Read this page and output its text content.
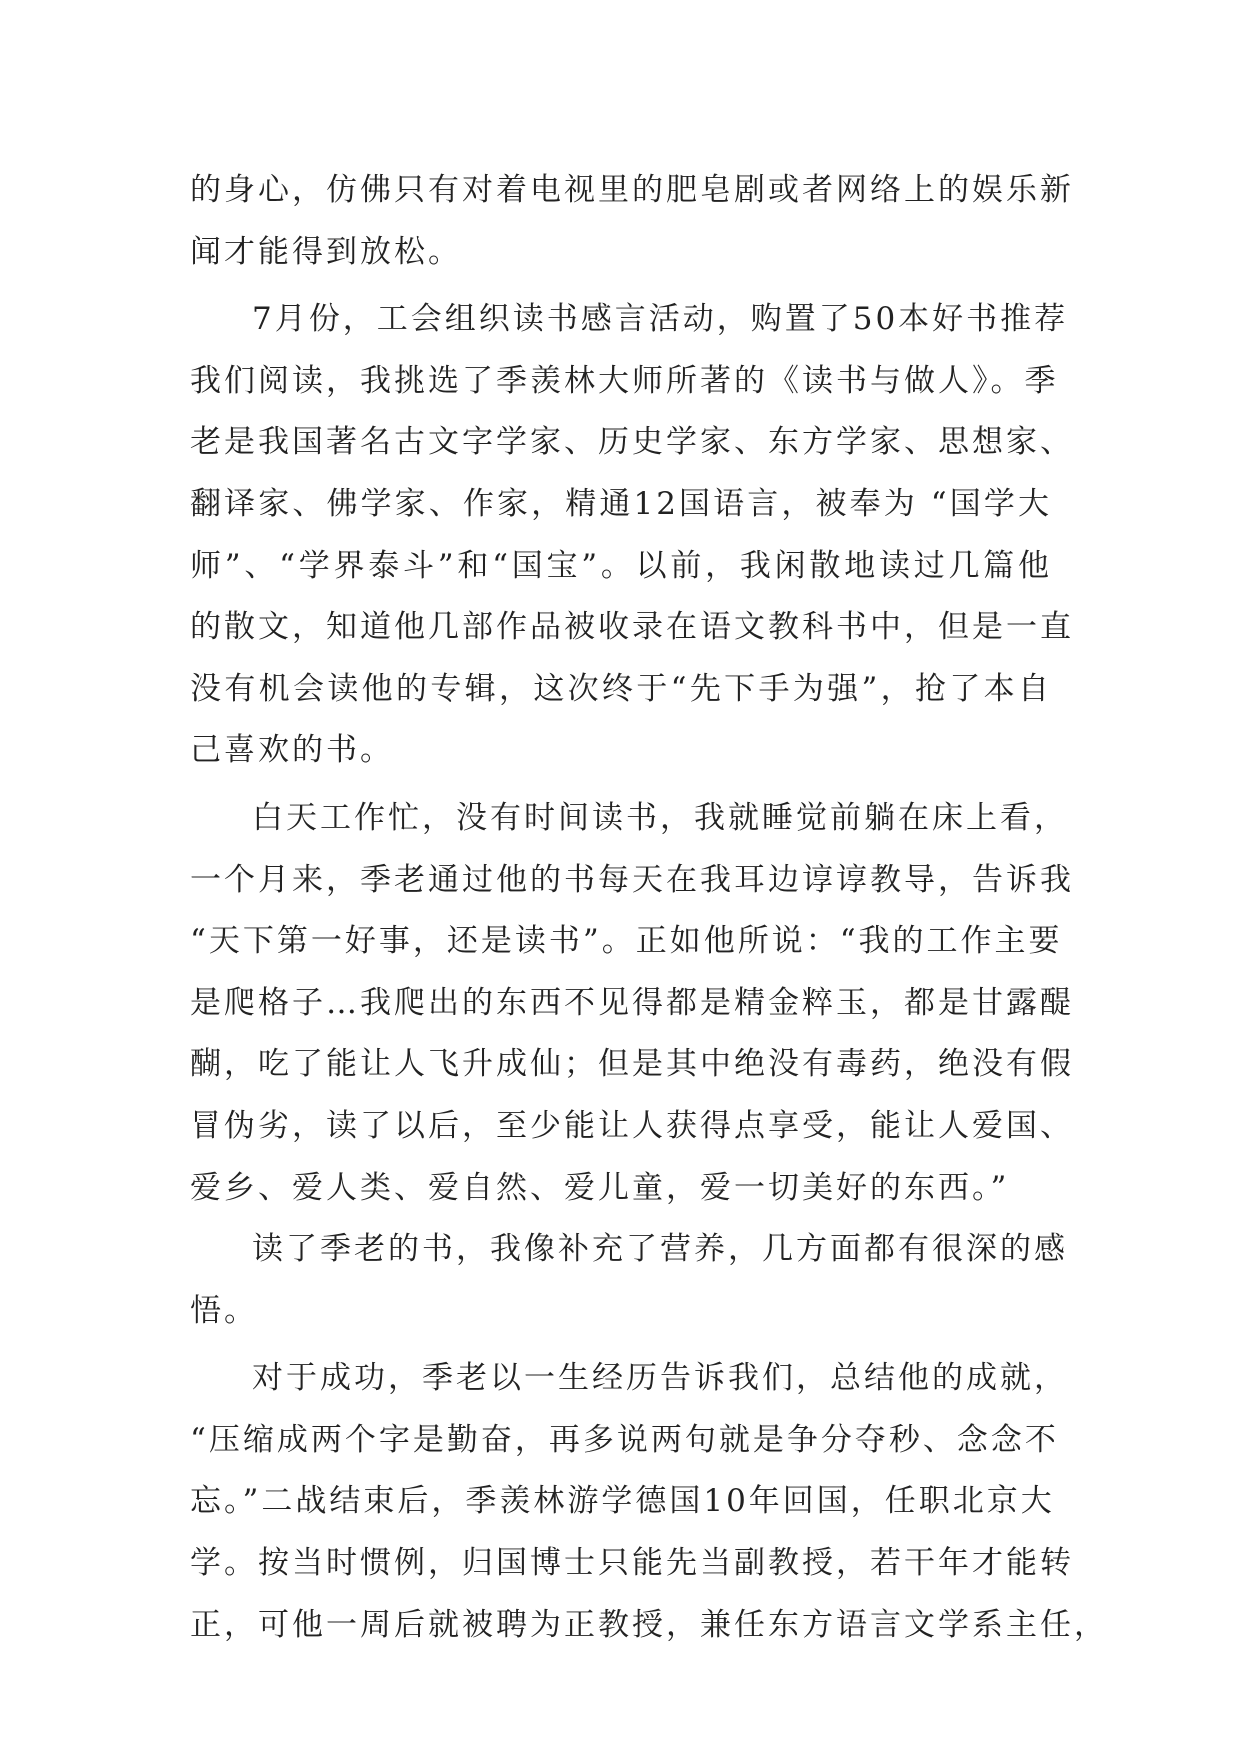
的身心，仿佛只有对着电视里的肥皂剧或者网络上的娱乐新
闻才能得到放松。
7月份，工会组织读书感言活动，购置了50本好书推荐
我们阅读，我挑选了季羡林大师所著的《读书与做人》。季
老是我国著名古文字学家、历史学家、东方学家、思想家、
翻译家、佛学家、作家，精通12国语言，被奉为 “国学大
师”、“学界泰斗”和“国宝”。以前，我闲散地读过几篇他
的散文，知道他几部作品被收录在语文教科书中，但是一直
没有机会读他的专辑，这次终于“先下手为强”，抢了本自
己喜欢的书。
白天工作忙，没有时间读书，我就睡觉前躺在床上看，
一个月来，季老通过他的书每天在我耳边谆谆教导，告诉我
“天下第一好事，还是读书”。正如他所说：“我的工作主要
是爬格子…我爬出的东西不见得都是精金粹玉，都是甘露醍
醐，吃了能让人飞升成仙；但是其中绝没有毒药，绝没有假
冒伪劣，读了以后，至少能让人获得点享受，能让人爱国、
爱乡、爱人类、爱自然、爱儿童，爱一切美好的东西。”
读了季老的书，我像补充了营养，几方面都有很深的感
悟。
对于成功，季老以一生经历告诉我们，总结他的成就，
“压缩成两个字是勤奋，再多说两句就是争分夺秒、念念不
忘。”二战结束后，季羡林游学德国10年回国，任职北京大
学。按当时惯例，归国博士只能先当副教授，若干年才能转
正，可他一周后就被聘为正教授，兼任东方语言文学系主任，
